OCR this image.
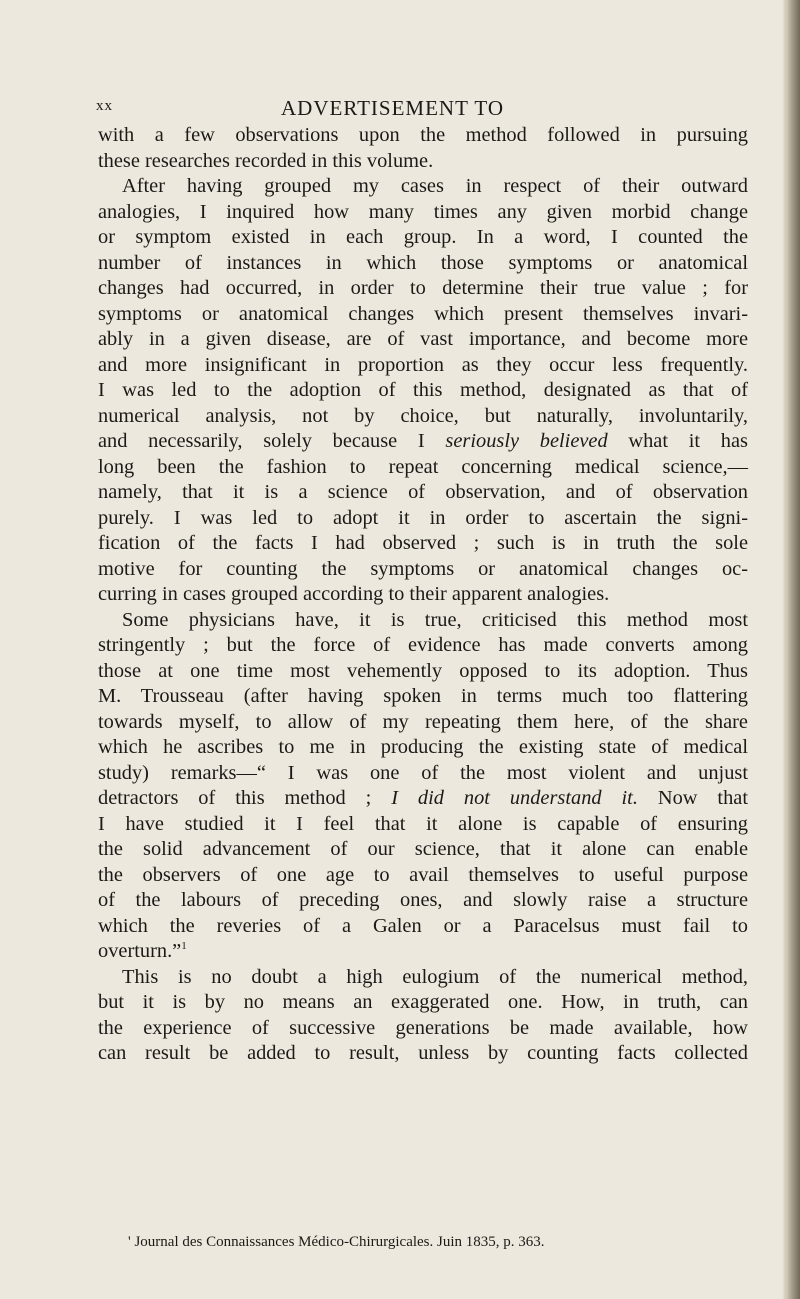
xx	ADVERTISEMENT TO
with a few observations upon the method followed in pursuing
these researches recorded in this volume.
After having grouped my cases in respect of their outward
analogies, I inquired how many times any given morbid change
or symptom existed in each group. In a word, I counted the
number of instances in which those symptoms or anatomical
changes had occurred, in order to determine their true value ; for
symptoms or anatomical changes which present themselves invari-
ably in a given disease, are of vast importance, and become more
and more insignificant in proportion as they occur less frequently.
I was led to the adoption of this method, designated as that of
numerical analysis, not by choice, but naturally, involuntarily,
and necessarily, solely because I seriously believed what it has
long been the fashion to repeat concerning medical science,—
namely, that it is a science of observation, and of observation
purely. I was led to adopt it in order to ascertain the signi-
fication of the facts I had observed ; such is in truth the sole
motive for counting the symptoms or anatomical changes oc-
curring in cases grouped according to their apparent analogies.
Some physicians have, it is true, criticised this method most
stringently ; but the force of evidence has made converts among
those at one time most vehemently opposed to its adoption. Thus
M. Trousseau (after having spoken in terms much too flattering
towards myself, to allow of my repeating them here, of the share
which he ascribes to me in producing the existing state of medical
study) remarks—“ I was one of the most violent and unjust
detractors of this method ; I did not understand it. Now that
I have studied it I feel that it alone is capable of ensuring
the solid advancement of our science, that it alone can enable
the observers of one age to avail themselves to useful purpose
of the labours of preceding ones, and slowly raise a structure
which the reveries of a Galen or a Paracelsus must fail to
overturn.”$^1$
This is no doubt a high eulogium of the numerical method,
but it is by no means an exaggerated one. How, in truth, can
the experience of successive generations be made available, how
can result be added to result, unless by counting facts collected
' Journal des Connaissances Médico-Chirurgicales. Juin 1835, p. 363.
